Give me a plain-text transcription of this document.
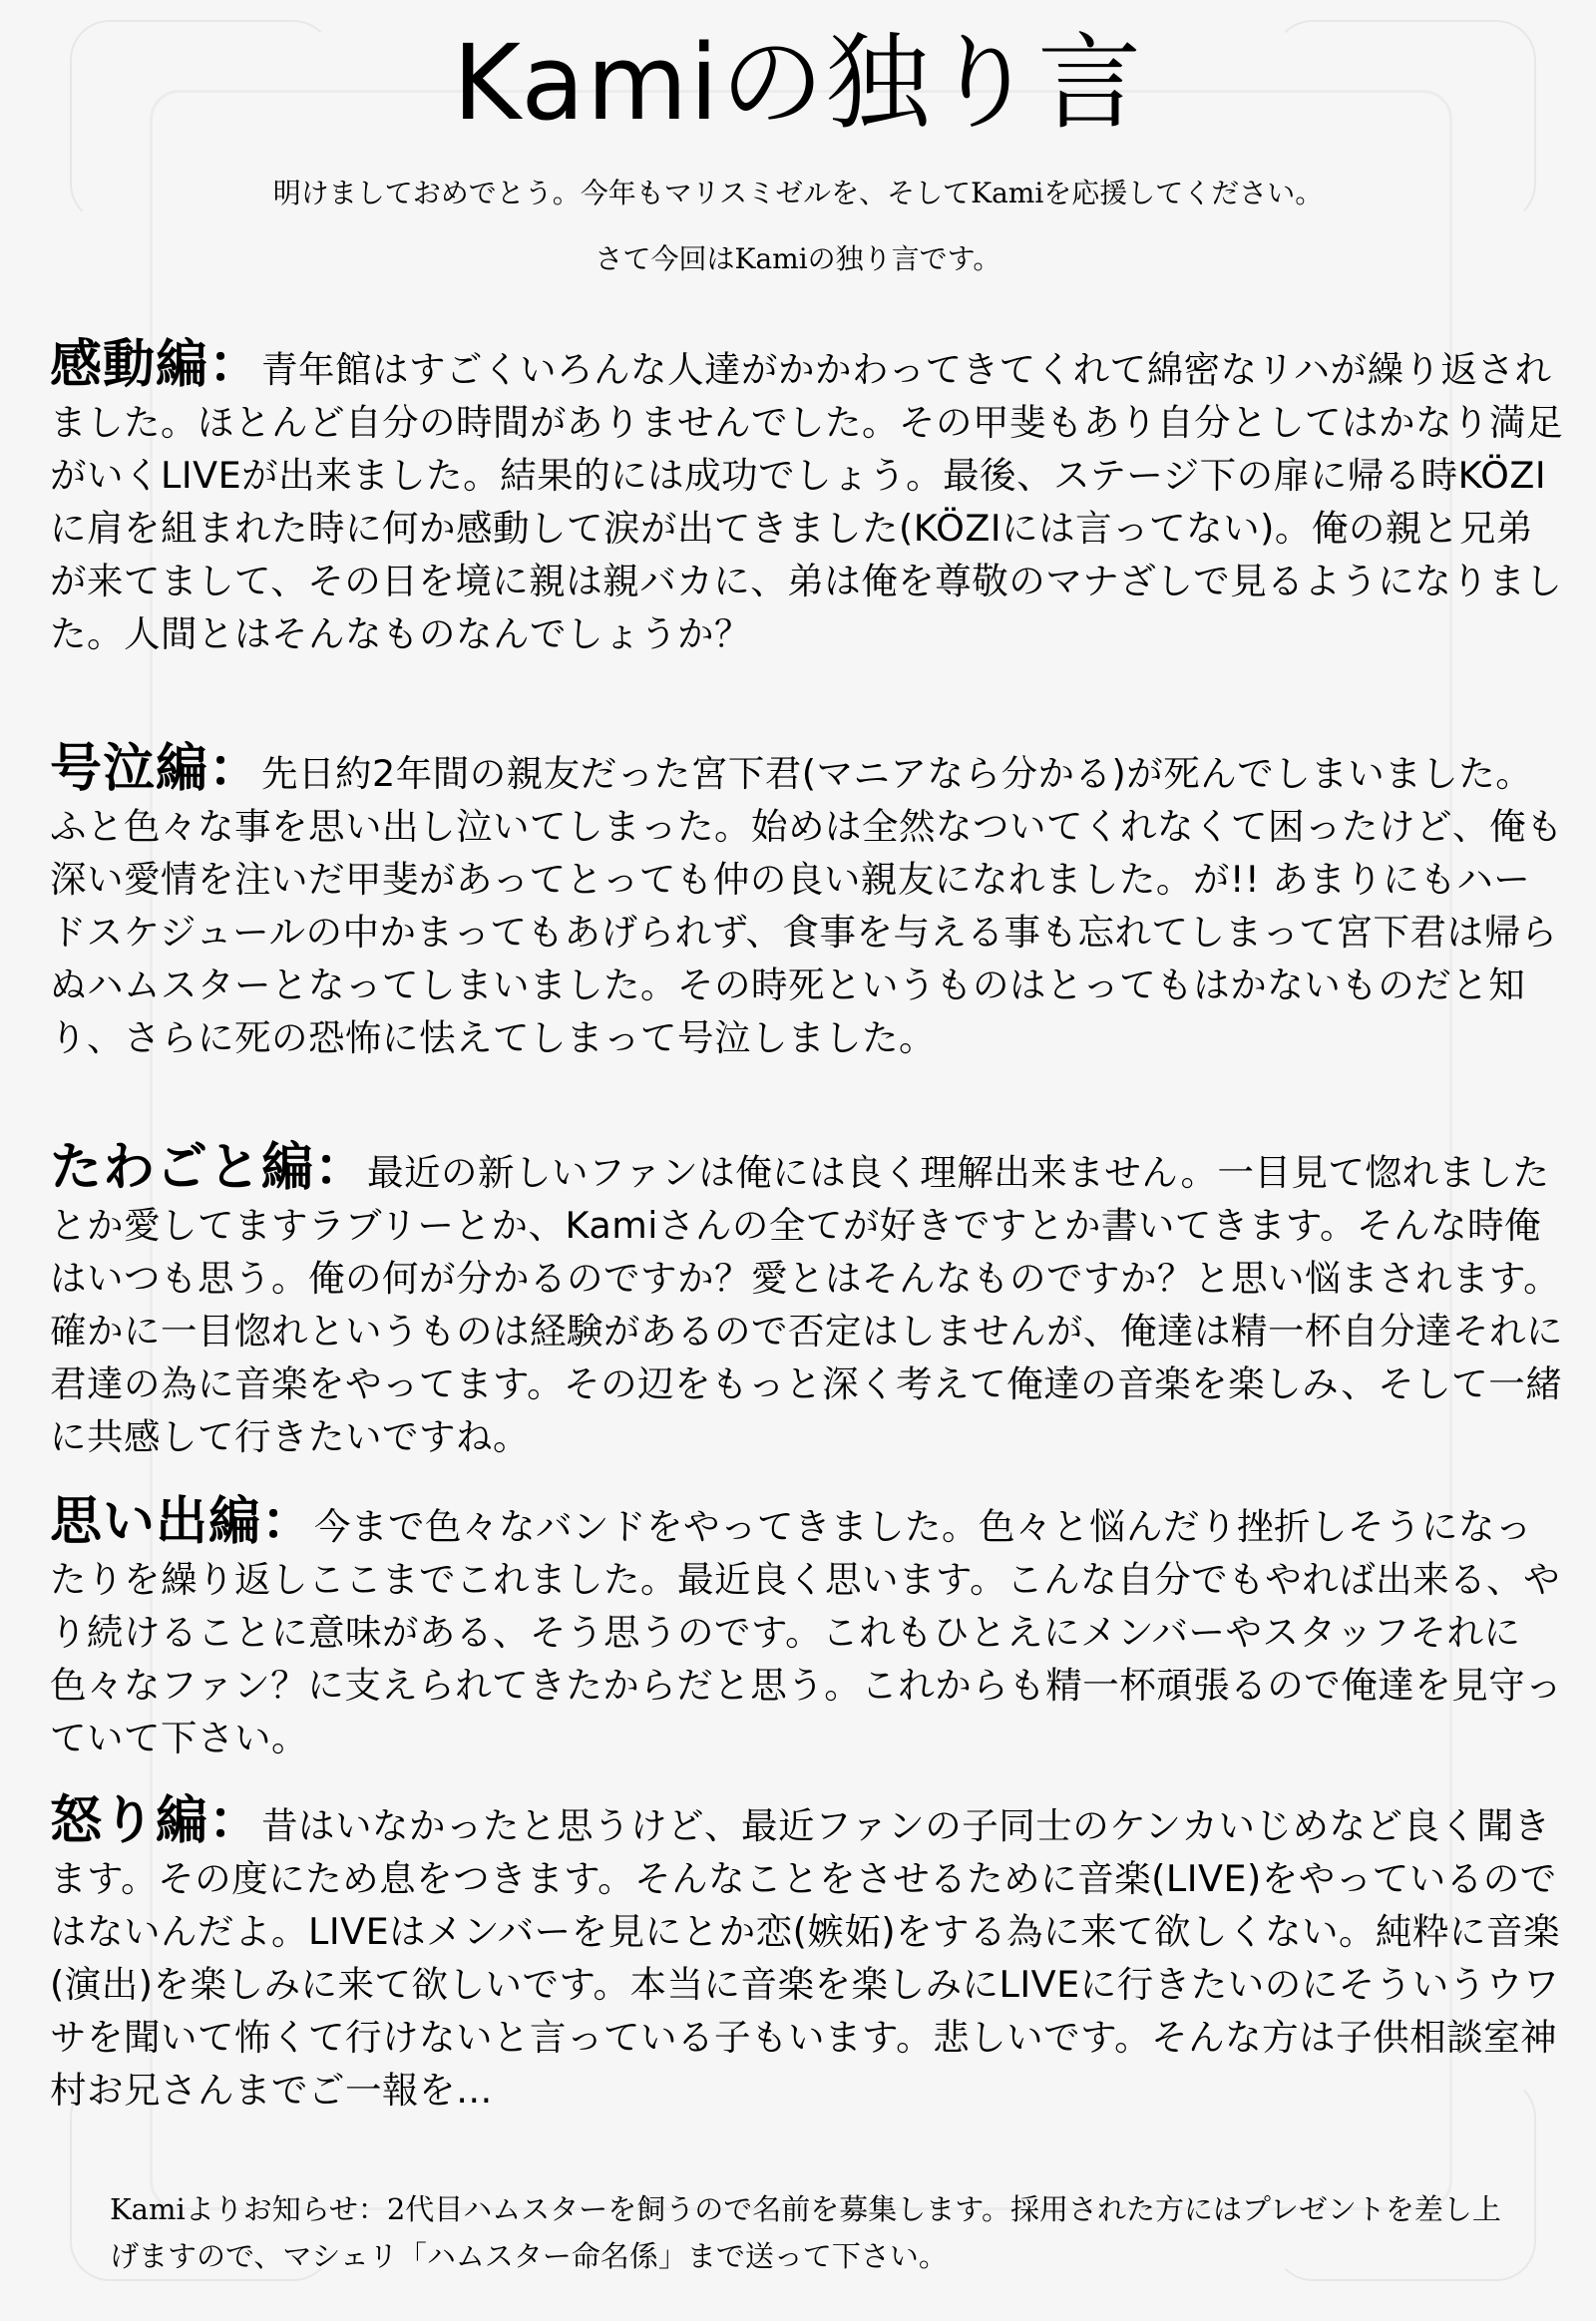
Kamiの独り言
明けましておめでとう。今年もマリスミゼルを、そしてKamiを応援してください。
さて今回はKamiの独り言です。
感動編：青年館はすごくいろんな人達がかかわってきてくれて綿密なリハが繰り返されました。ほとんど自分の時間がありませんでした。その甲斐もあり自分としてはかなり満足がいくLIVEが出来ました。結果的には成功でしょう。最後、ステージ下の扉に帰る時KÖZIに肩を組まれた時に何か感動して涙が出てきました(KÖZIには言ってない)。俺の親と兄弟が来てまして、その日を境に親は親バカに、弟は俺を尊敬のマナざしで見るようになりました。人間とはそんなものなんでしょうか？
号泣編：先日約2年間の親友だった宮下君(マニアなら分かる)が死んでしまいました。ふと色々な事を思い出し泣いてしまった。始めは全然なついてくれなくて困ったけど、俺も深い愛情を注いだ甲斐があってとっても仲の良い親友になれました。が!! あまりにもハードスケジュールの中かまってもあげられず、食事を与える事も忘れてしまって宮下君は帰らぬハムスターとなってしまいました。その時死というものはとってもはかないものだと知り、さらに死の恐怖に怯えてしまって号泣しました。
たわごと編：最近の新しいファンは俺には良く理解出来ません。一目見て惚れましたとか愛してますラブリーとか、Kamiさんの全てが好きですとか書いてきます。そんな時俺はいつも思う。俺の何が分かるのですか？愛とはそんなものですか？と思い悩まされます。確かに一目惚れというものは経験があるので否定はしませんが、俺達は精一杯自分達それに君達の為に音楽をやってます。その辺をもっと深く考えて俺達の音楽を楽しみ、そして一緒に共感して行きたいですね。
思い出編：今まで色々なバンドをやってきました。色々と悩んだり挫折しそうになったりを繰り返しここまでこれました。最近良く思います。こんな自分でもやれば出来る、やり続けることに意味がある、そう思うのです。これもひとえにメンバーやスタッフそれに色々なファン？に支えられてきたからだと思う。これからも精一杯頑張るので俺達を見守っていて下さい。
怒り編：昔はいなかったと思うけど、最近ファンの子同士のケンカいじめなど良く聞きます。その度にため息をつきます。そんなことをさせるために音楽(LIVE)をやっているのではないんだよ。LIVEはメンバーを見にとか恋(嫉妬)をする為に来て欲しくない。純粋に音楽(演出)を楽しみに来て欲しいです。本当に音楽を楽しみにLIVEに行きたいのにそういうウワサを聞いて怖くて行けないと言っている子もいます。悲しいです。そんな方は子供相談室神村お兄さんまでご一報を…
Kamiよりお知らせ：2代目ハムスターを飼うので名前を募集します。採用された方にはプレゼントを差し上げますので、マシェリ「ハムスター命名係」まで送って下さい。
